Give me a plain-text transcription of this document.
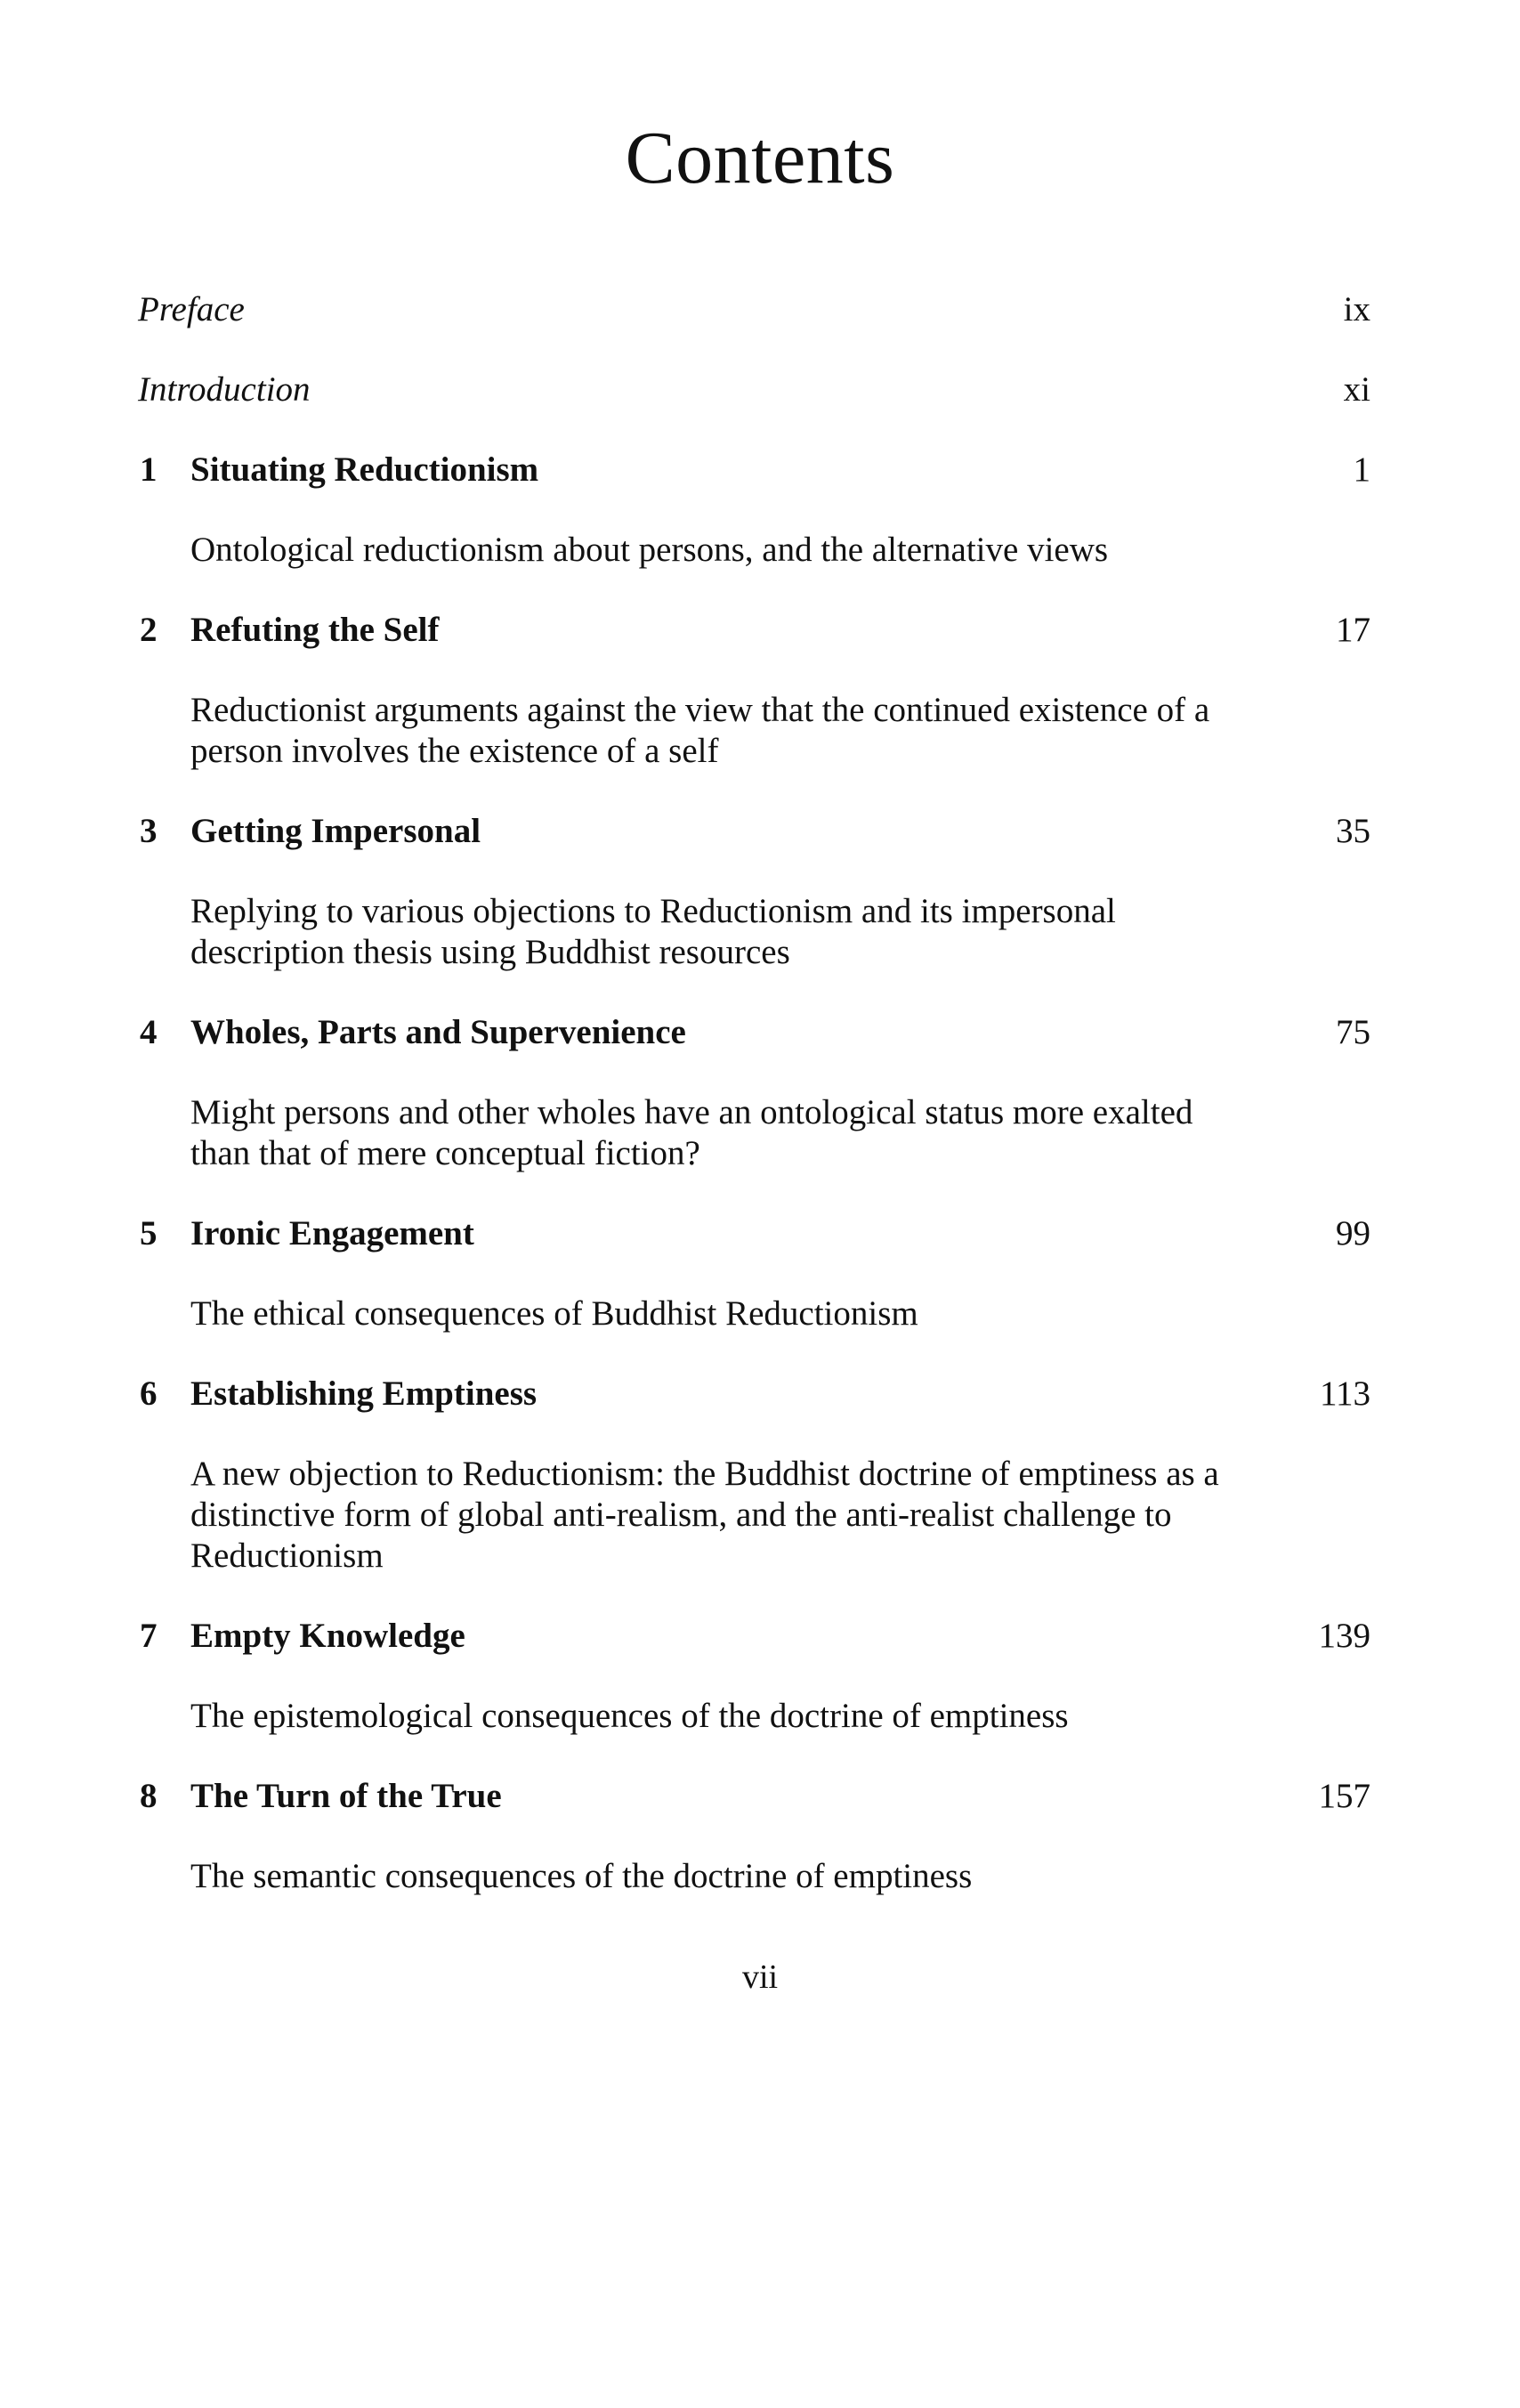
Contents
Preface	ix
Introduction	xi
1 Situating Reductionism	1
Ontological reductionism about persons, and the alternative views
2 Refuting the Self	17
Reductionist arguments against the view that the continued existence of a person involves the existence of a self
3 Getting Impersonal	35
Replying to various objections to Reductionism and its impersonal description thesis using Buddhist resources
4 Wholes, Parts and Supervenience	75
Might persons and other wholes have an ontological status more exalted than that of mere conceptual fiction?
5 Ironic Engagement	99
The ethical consequences of Buddhist Reductionism
6 Establishing Emptiness	113
A new objection to Reductionism: the Buddhist doctrine of emptiness as a distinctive form of global anti-realism, and the anti-realist challenge to Reductionism
7 Empty Knowledge	139
The epistemological consequences of the doctrine of emptiness
8 The Turn of the True	157
The semantic consequences of the doctrine of emptiness
vii
